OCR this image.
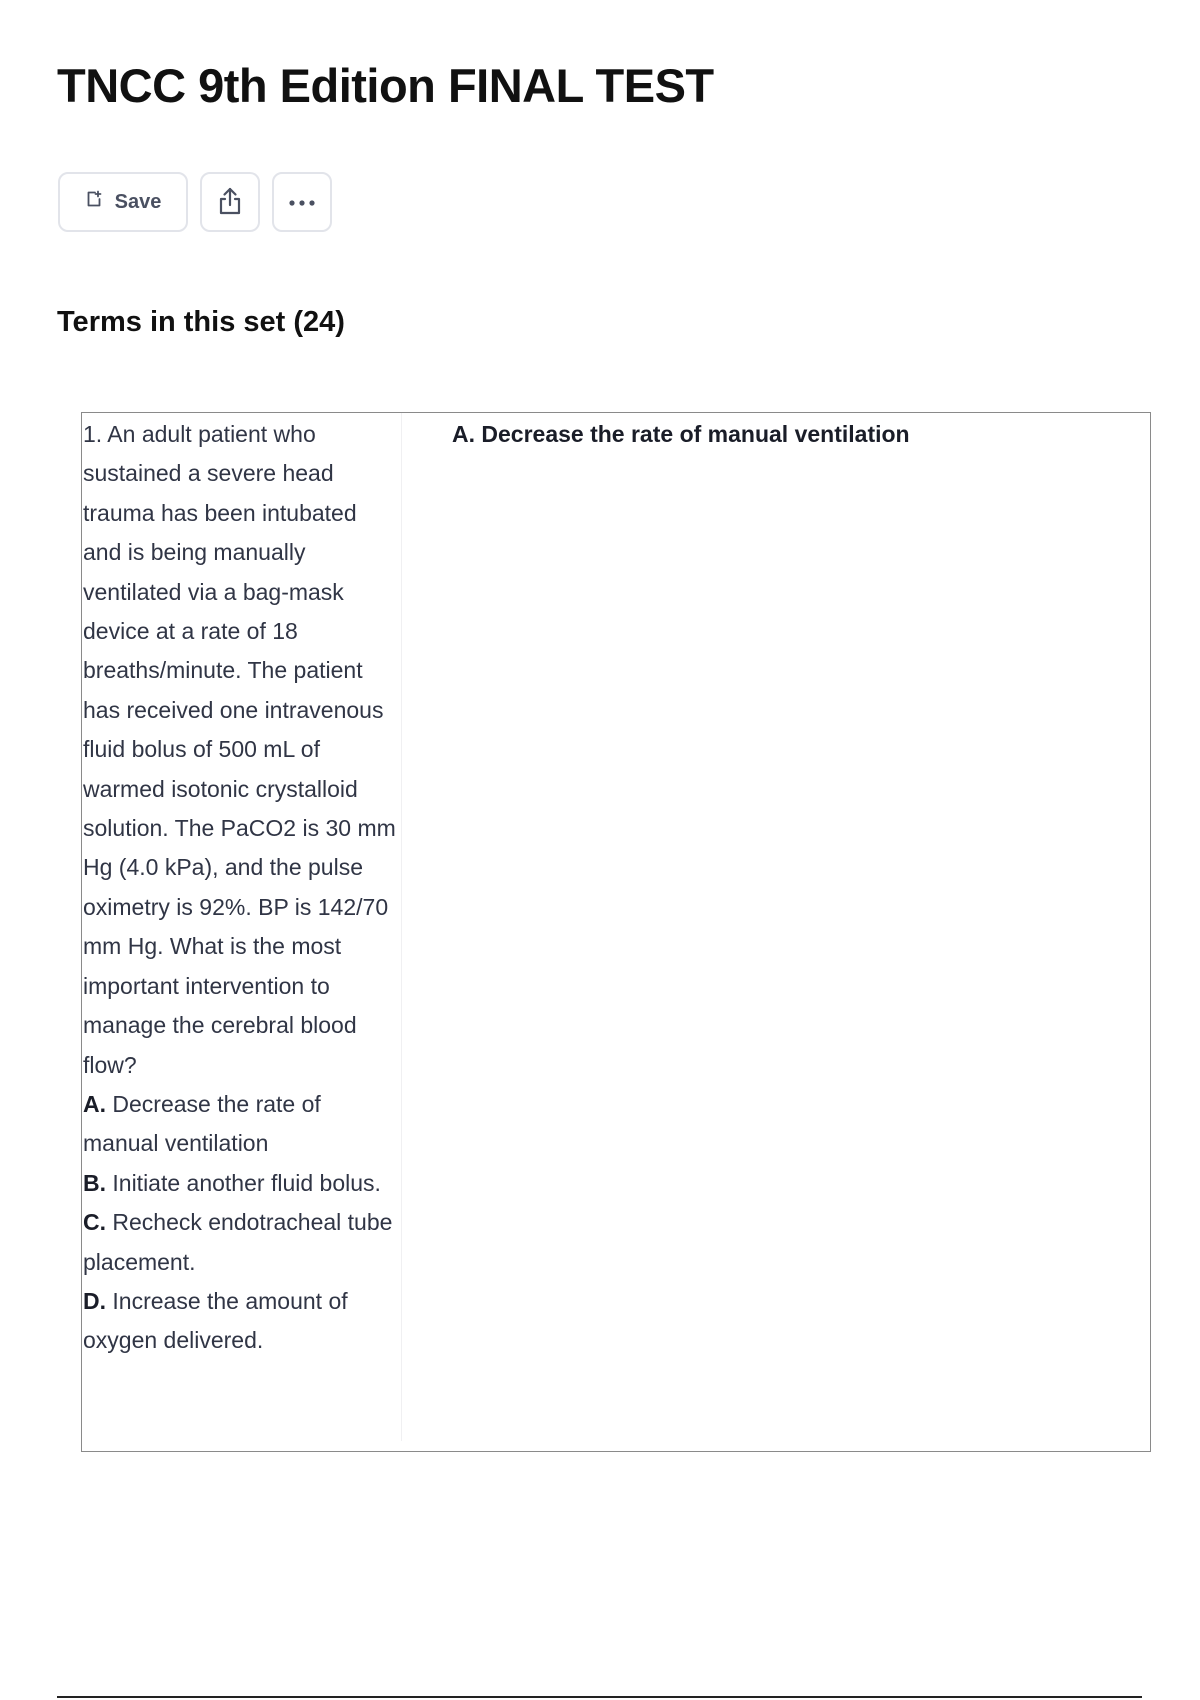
TNCC 9th Edition FINAL TEST
Save
Terms in this set (24)

1. An adult patient who sustained a severe head trauma has been intubated and is being manually ventilated via a bag-mask device at a rate of 18 breaths/minute. The patient has received one intravenous fluid bolus of 500 mL of warmed isotonic crystalloid solution. The PaCO2 is 30 mm Hg (4.0 kPa), and the pulse oximetry is 92%. BP is 142/70 mm Hg. What is the most important intervention to manage the cerebral blood flow?

A. Decrease the rate of manual ventilation

B. Initiate another fluid bolus.

C. Recheck endotracheal tube placement.

D. Increase the amount of oxygen delivered.

A. Decrease the rate of manual ventilation
